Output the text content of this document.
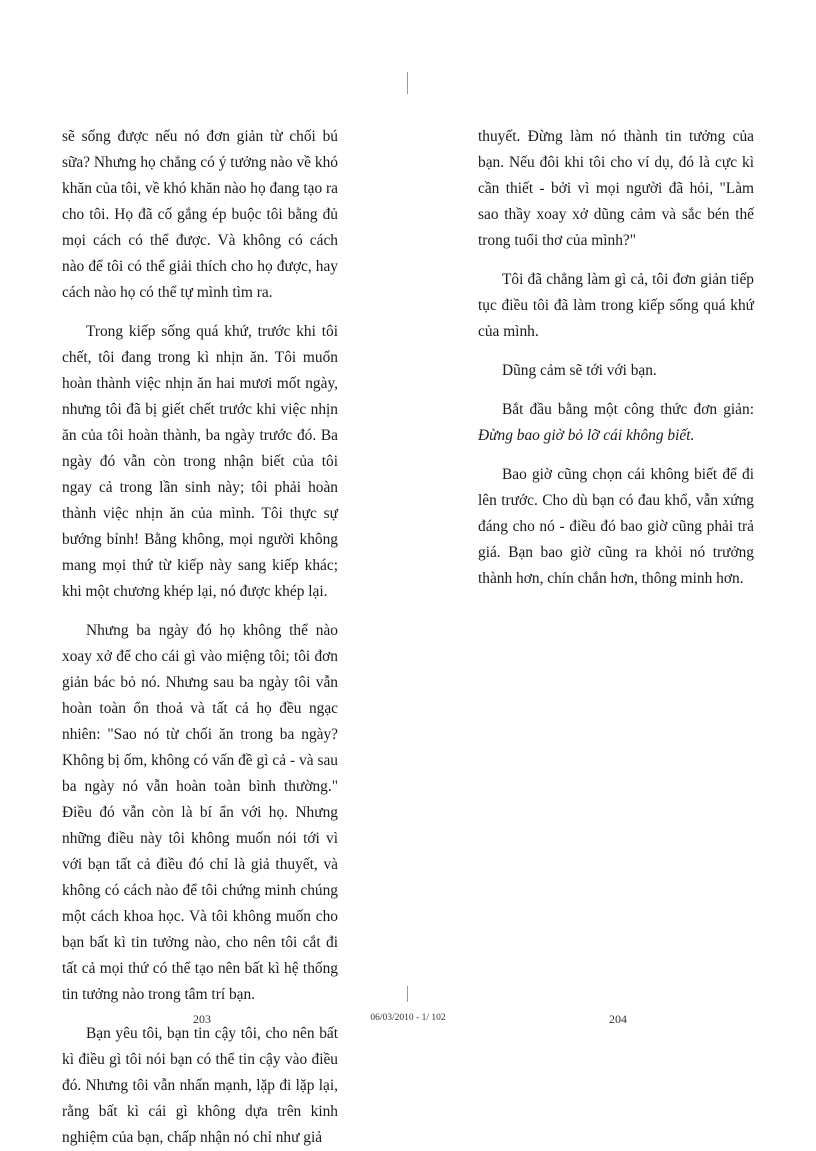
sẽ sống được nếu nó đơn giản từ chối bú sữa? Nhưng họ chẳng có ý tưởng nào về khó khăn của tôi, về khó khăn nào họ đang tạo ra cho tôi. Họ đã cố gắng ép buộc tôi bằng đủ mọi cách có thể được. Và không có cách nào để tôi có thể giải thích cho họ được, hay cách nào họ có thể tự mình tìm ra.

Trong kiếp sống quá khứ, trước khi tôi chết, tôi đang trong kì nhịn ăn. Tôi muốn hoàn thành việc nhịn ăn hai mươi mốt ngày, nhưng tôi đã bị giết chết trước khi việc nhịn ăn của tôi hoàn thành, ba ngày trước đó. Ba ngày đó vẫn còn trong nhận biết của tôi ngay cả trong lần sinh này; tôi phải hoàn thành việc nhịn ăn của mình. Tôi thực sự bướng bỉnh! Bằng không, mọi người không mang mọi thứ từ kiếp này sang kiếp khác; khi một chương khép lại, nó được khép lại.

Nhưng ba ngày đó họ không thể nào xoay xở để cho cái gì vào miệng tôi; tôi đơn giản bác bỏ nó. Nhưng sau ba ngày tôi vẫn hoàn toàn ổn thoả và tất cả họ đều ngạc nhiên: "Sao nó từ chối ăn trong ba ngày? Không bị ốm, không có vấn đề gì cả - và sau ba ngày nó vẫn hoàn toàn bình thường." Điều đó vẫn còn là bí ẩn với họ. Nhưng những điều này tôi không muốn nói tới vì với bạn tất cả điều đó chỉ là giả thuyết, và không có cách nào để tôi chứng minh chúng một cách khoa học. Và tôi không muốn cho bạn bất kì tin tưởng nào, cho nên tôi cắt đi tất cả mọi thứ có thể tạo nên bất kì hệ thống tin tưởng nào trong tâm trí bạn.

Bạn yêu tôi, bạn tin cậy tôi, cho nên bất kì điều gì tôi nói bạn có thể tin cậy vào điều đó. Nhưng tôi vẫn nhấn mạnh, lặp đi lặp lại, rằng bất kì cái gì không dựa trên kinh nghiệm của bạn, chấp nhận nó chỉ như giả

thuyết. Đừng làm nó thành tin tưởng của bạn. Nếu đôi khi tôi cho ví dụ, đó là cực kì cần thiết - bởi vì mọi người đã hỏi, "Làm sao thầy xoay xở dũng cảm và sắc bén thế trong tuổi thơ của mình?"

Tôi đã chẳng làm gì cả, tôi đơn giản tiếp tục điều tôi đã làm trong kiếp sống quá khứ của mình.

Dũng cảm sẽ tới với bạn.

Bắt đầu bằng một công thức đơn giản: Đừng bao giờ bỏ lỡ cái không biết.

Bao giờ cũng chọn cái không biết để đi lên trước. Cho dù bạn có đau khổ, vẫn xứng đáng cho nó - điều đó bao giờ cũng phải trả giá. Bạn bao giờ cũng ra khỏi nó trưởng thành hơn, chín chắn hơn, thông minh hơn.

203	06/03/2010 - 1/ 102	204
